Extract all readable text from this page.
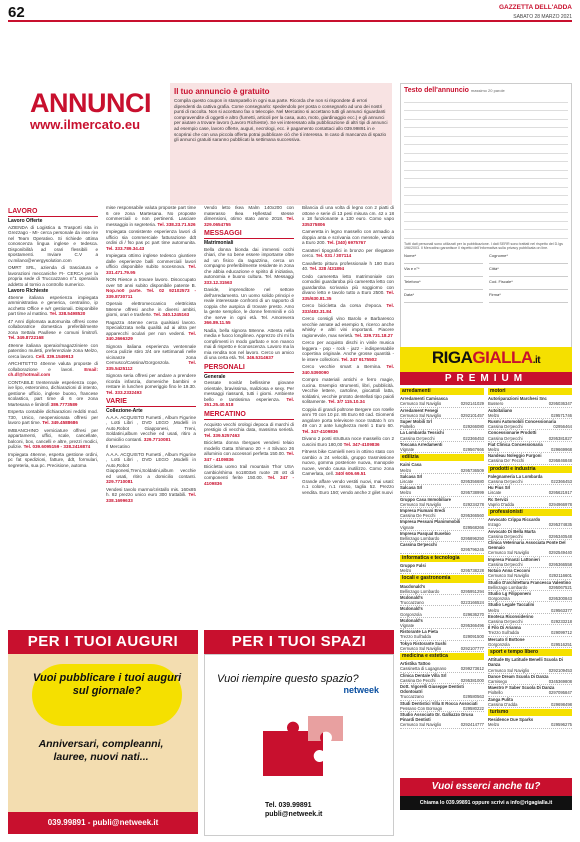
62	GAZZETTA DELL'ADDA
SABATO 28 MARZO 2021
ANNUNCI
www.ilmercato.eu
Il tuo annuncio è gratuito

Compila questo coupon in stampatello in ogni sua parte. Ricorda che non si rispondete di errori dipendenti da cattiva grafia. Come consegnarlo: spedendolo per posta o consegnarlo ad uno dei nostri punti di raccolta. Non si accettano fax o telecopie. Nel Mercatino si accettano tutti gli annunci riguardanti compravendite di oggetti e altro (fumetti, articoli per la casa, auto, moto, giardinaggio ecc.) e gli annunci per aiutare a trovare lavoro (Lavoro Richieste). Se vei interessato alla pubblicazione di altri tipi di annunci ad esempio case, lavoro offerte, auguri, necrologi, ecc. è pagamento contattaci allo 039.99891 in e scoprirai che con una piccola offerta potrai pubblicare ciò che ti interessa. In caso di mancanza di spazio gli annunci gratuiti saranno pubblicati la settimana successiva.

Testo dell'annuncio massimo 20 parole
Tutti dati personali sono utilizzati per la pubblicazione. I dati SERR sono trattati nel rispetto del D.lgs 196/2003. Il Mercatino garantisce il rispetto dell'informativa sulla privacy pubblicata on line.
Nome*	Cognome*
Via e n°*	Città*
Telefono*	Cod. Fiscale*
Data*	Firma*
LAVORO
Lavoro Offerte

AZIENDA di Logistica & Trasporti sita in Grezzago - MI- cerca personale da inse rire nel Team Operativo. Si richiede ottima conoscenza lingua inglese e tedesca. Disponibilità ad orari flessibili e spostamenti. Inviare C.V a cv.milano@energysolution.com

OMRT SRL, azienda di trasciatura e lavorazioni meccaniche FI- CERCA per la propria sede di Truccazzano n°1 operaio/a addetto al tornio a controllo numerico.

Lavoro Richieste

45enne italiana esperienza impiegata amministrativa e generica, centralino, ip acchetto Office e w/r gestionali. Disponibile part time al mattino. Tel. 338.5498520

47 Anni diplomata automunita offresi come collaboratrice domestica preferibilmente zona Settala Paullese e comuni limitrofi. Tel. 349.8722168

49enne italiana operaio/magazziniere con patentino muletti, preferenziale zona Melzo, cerca lavoro. Cell. 339.1549913

ARCHITETTO 40enne valuta proposte di collaborazione e lavori. Email: ch.dl@hotmail.com

CONTABILE trentennale esperienza cope, ive lipo, esteronimo, dichiarazioni di intento, gestione ufficio, inglese buono, francese scolastico, part time di 6 ore zona Martesana e limitrofi 389.7773589

Esperta contabile dichiarazioni redditi mod. 730, Unico, neopensionata offresi per lavoro part time. Tel. 349.4588686

IMBIANCHINO verniciature offresi per appartamenti, uffici, scale, cancellate, balconi, box, cancelli e altre, prezzi modici, pulizie. Tel. 039.6095159 - 338.2416874

Impiegata 46enne, esperta gestione ordini, pc fat spedizioni, fatture, ddt, formulari, segreteria, sua pc. Precisione, automa

mise responsabile valuta proposte part time 6 ore zona Martesana. No proposte commerciali o non pertinenti. Lasciare messaggio in segreteria. Tel. 338.23.71.526

Impiegata consistente esperienza lavori di ufficio sia commerciale fatturazione ddt ordini di / fso pas pc part time automunita. Tel. 333.789.34.43

Impiegata ottimo inglese tedesco giuntiere dalle esperienze balli commerciali lavori ufficio disponibile subito nocesnova. Tel. 331.471.79.95

NON Riesce a trovare lavoro. Disoccupato over 50 anni subito disponibile patente B. Nop.no0 parte. Tel. 02 92102573 - 339.8730711

Operaio elettromeccanico elettricista 58enne offresi anche in diversi ambiti, giorni, orari e trasferte. Tel. 340.1245163

Ragazza 44enne cerca qualsiasi lavoro. Specializzata nella qualità ad ai altra per apparecchi oculari per non vedenti. Tel. 340.2666329

Signora italiana esperienza ventennale cerca pulizie stiro 3/4 ore settimanali nelle vicinanze zona Cernusco/Cassina/Gorgonzola.	Tel. 335.5425112

Signora seria offresi per andare a prendere ricorda infanzia, domeniche bambini e restare in lunchen pomeriggio fino le 19.30. Tel. 333.2332493

VARIE
Collezione-Arte

A.A.A. ACQUISTO Fumetti , Album Figurine , Lotti Libri , DVD LEGO ,Modelli in Auto,Robot Giapponesi, Treni, Soldatini,album vecchie ed usati, ritiro a domicilio contanti. 329.7710081

Il Mercatino

A.A.A. ACQUISTO Fumetti , Album Figurine , Lotti Libri , DVD LEGO ,Modelli in Auto,Robot Giapponesi,Treni,Soldatini,album vecchie ed usati, ritiro a domicilio contanti. 329.7710081

Vendesi tavolo marmo/cristallo mis. 160x85 h. 82 prezzo unico euro 300 trattabili. Tel. 338.1699633

Vendo letto Ikea Malm 140x200 con materasso Ikea Hyllestad stesse dimensioni, otimo stato anno 2018. Tel. 329.0654755

MESSAGGI
Matrimoniali

Bella donna bionda dai immensi occhi chiari, che so bene essere importante oltre ad un fisico da ragazzina, cerca un compagno preferibilmente residente in zona che abbia educazione e spirito di iniziativa, autonomia e buono cultura. Tel. Messaggi 333.12.31563

Davide, imprenditore nel settore dell'arredamento. Un uomo solido principi e reale interessate confronti di un rapporto di coppia che auspica di trovare presto. Amo la gente semplice, le donne femminili e ciò che serve in ogni età. Tel. Amorevera 366.89.11.55

Nadia, bella signora 58enne. Attenta nella media e fuoco longilineo. Apprezzo chi mi fa complimenti in modo garbato e non manco mai di rispetto e riconoscenza. Lavoro ma la mia rendita non nel lavoro. Cerco un amico di una certa età. Tel. 346.5314637

PERSONALI
Generale

Gessate novità! bellissime giovane orientale, bravissima, maliziosa e sexy. Per messaggi riassunti, tutti i giorni. Ambiente bello e tantissima esperienza. Tel. 351.25.40.518

MERCATINO

Acquisto vecchi orologi depoca di marchi di prestigio di vecchia data, massima serietà. Tel. 339.5257463

Bicicletta donna Ibergues vendesi telaio modello Gatta Shimano 20 + 4 Silvaco 26 alluminio con accessori perfetta 150.00. Tel. 347 - 4109836

Bicicletta uomo trail mountain Thor USA cambio/shima no1803x6 ruote 28 ott di componenti ferite 150.00. Tel. 347 - 4109836

Bilancia di una volta di legno con 2 piatti di ottone e serie di 13 pesi misura cm. 42 x 18 x 18 funzionante a 130 euro. Como vapo 335375806

Cameretta in legno massello con armadio a doppia anta e scrivania con mensole, vendo a Euro 200. Tel. (340) 6975767

Caratteri tipografici in bronzo per rilegatore cerco. Tel. 031 / 307114

Cavalletto pittura professionale h 180 Euro 40. Tel. 328 /431894

Cedo cameretta letto matrimoniale con comodini guardaroba più cameretta letto con guardaroba scrivania più soggiorno con divano letto e tavolo tutto a Euro 2500. Tel. 335/630.81.35

Cerco bicicletta da corsa d'epoca. Tel. 333/483.31.84

Cerco consigli vino Barolo e Barbaresco vecchie annate ad esempio 5, ricerco anche whisky e altri vini importanti. Piacere ragionevole, max serietà. Tel. 339.731.18.27

Cerco per acquisto dischi in vinile musica leggera - pop - rock - jazz - indispensabile copertina originale. Anche grosse quantità - le intere collezioni. Tel. 347 9175502

Cerco vecchie smart a Bernina. Tel. 340.5390090

Compro materiali antichi e ferro magie, cucina. Esempio strumenti, libri, pubblicità. Vecchie lettere, cartoline, giocattoli latta, soldatini, vecchie prototo dentellati tipo paioli solitamente. Tel. 3/7 115.10.34

Coppia di grandi poltrone Bergere con rotelle anni 70 con 10 pz. 85 Euro 60 cad. Giomenti angolare porta televisore noce trattato h cm 49 con 2 ante lunghezza metri 1 Euro 60. Tel. 347-4109836

Divano 2 posti struttura noce massello con 2 cuscini Euro 180,00 Tel. 347-4109836

Fitness bike Carnielli nero in ottimo stato con cambio a 24 velocità, gruppo trasmissione nuovo, gomma posteriore nuova, manopole nuove, vendo causa inutilizzo. Como zona Camerlata, cell. 340/ 606.69.51

Grande affare vendo vestiti nuovi, mai usati: n.1 colore, n.1 rosso, taglia 52. Prezzo vendita. Euro 150; vendo anche 2 gilet nuovi

RIGAGIALLA.it
PREMIUM
arredamenti
Arredamenti Camisasca
Cernusco Sul Naviglio	0292141029
Arredament Fenegi
Cernusco Sul Naviglio	0292101457
Super Mobili Srl
Pioltello	029266080
La Lombarda Tessichi
Cassina De'pecchi	022366453
Toscana Arredamenti
Vignate	029567666
edilizia
Kaini Casa
Melzo	0295736509
Salcasa Srl
Liscate	0295356680
Salcasa Srl
Melzo	0295738999
Gruppo Casa Immobiliare
Cernusco Sul Naviglio	029234278
Impresa Fiumani Eredi
Cassina De Pecchi	0295366560
Impresa Pessani Planimmobili
Vignate	029568266
Impresa Pasqual Eusebio
Bellinzago Lombardo	0295896250
Cassina De'pecchi
0295796245
informatica e tecnologia
Gruppo Falsi
Melzo	0295738228
locali e gastronomia
Macdonald's
Bellinzago Lombardo	0295951294
Mcdonald's
Truccazzano	0223166524
Mcdonald's
Gorgonzola	029636270
Mcdonald's
Vignate	0295366496
Ristorante La Pieta
Trezzo Sull'adda	029091500
Tokyo Ristorante Sushi
Cernusco Sul Naviglio	0292107777
medicina e estetica
Artistika Tattoo
Cassinetta di Lugagnano	0299273612
Clinica Dentale Villa Srl
Cassina De Pecchi	0295381000
Dott. Vigorelli Giuseppe Dentisti Odontoiatri
Truccazzano	029580563
Studi Dentistici Villa E Rocca Associati
Pessano Con Bornago	029580222
Studio Associato Dr. Galliazzo Drusa Pinardi Dentisti
Cernusco Sul Naviglio	0292414777
motori
Autoriparazioni Marchesi Snc
Bussero	0295036347
Autoitaliano
Melzo	029571746
Rusmi Automobili Concessionaria
Cassina De'pecchi	02956464
Concessionarie Prodotti
Cassina De'pecchi	0295381827
Fiat Clinica Concessionaria
Melzo	029669968
Nandeau Noleggio Furgoni
Cassina De' Pecchi	0295846848
prodotti e industria
Falegnameria La Lombarda
Cassina De'pecchi	022366453
Hu Pius Srl
Liscate	0295621917
Rc Servizi
Vaprio D'adda	0294966978
professionisti
Avvocato Crippa Riccardo
Inzago	0295374835
Avvocato Di Bella Marta
Cassina De'pecchi	0295340548
Clinica Veterinaria Associata Ponte Del Gennaio
Cernusco Sul Naviglio	0292549440
Impresa Finanzi Lattonieri
Cassina De'pecchi	0295366558
Notaio Anna Cecconi
Cernusco Sul Naviglio	0292116601
Studio D'architettura Francesca Valentino
Bellinzago Lombardo	0295067521
Studio Lg Filipponeni
Gorgonzola	0295300843
Studio Legale Taccalini
Melzo	029563377
Enoteca Riconsiderino
Cassina De'pecchi	029233218
Il Filo Di Arianna
Trezzo Sull'adda	029099712
Mercato Il Bottone
Gorgonzola	029516251
sport e tempo libero
Attitude By Latitude Benelli Scuola Di Danza
Cernusco Sul Naviglio	0292109453
Dance Dream Scuola Di Danza
Carnisego	0345369808
Maestro F Saber Scuola Di Danza
Pioltello	0297095847
Zanga Pulita
Cassina D'adda	029698498
turismo
Residence Due Sparks
Melzo	029596275
Vuoi esserci anche tu?
Chiama lo 039.99891 oppure scrivi a info@rigagialla.it
PER I TUOI AUGURI
Vuoi pubblicare i tuoi auguri sul giornale?
Anniversari, compleanni, lauree, nuovi nati...
039.99891 - publi@netweek.it
PER I TUOI SPAZI
Vuoi riempire questo spazio?
netweek
Tel. 039.99891
publi@netweek.it
